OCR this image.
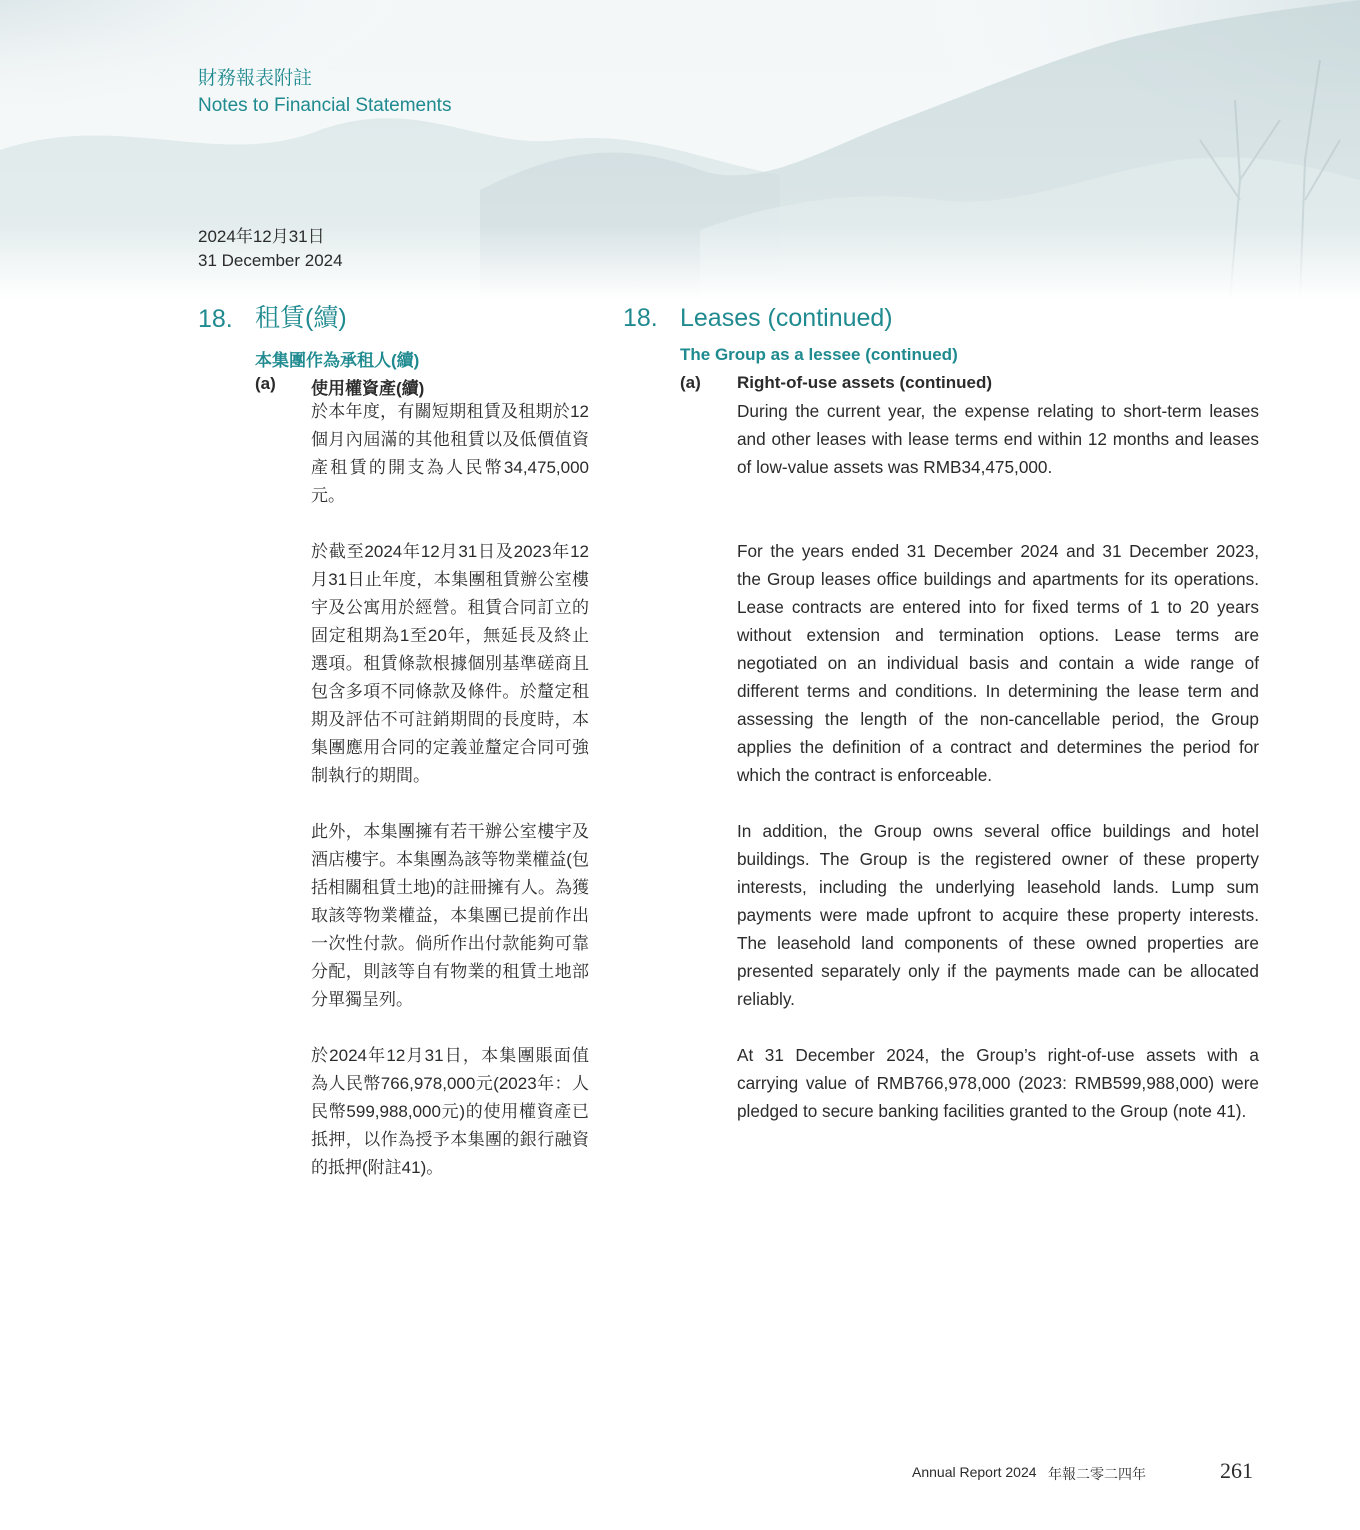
財務報表附註
Notes to Financial Statements
2024年12月31日
31 December 2024
18. 租賃(續)
本集團作為承租人(續)
(a) 使用權資產(續)

於本年度，有關短期租賃及租期於12個月內屆滿的其他租賃以及低價值資產租賃的開支為人民幣34,475,000元。

於截至2024年12月31日及2023年12月31日止年度，本集團租賃辦公室樓宇及公寓用於經營。租賃合同訂立的固定租期為1至20年，無延長及終止選項。租賃條款根據個別基準磋商且包含多項不同條款及條件。於釐定租期及評估不可註銷期間的長度時，本集團應用合同的定義並釐定合同可強制執行的期間。

此外，本集團擁有若干辦公室樓宇及酒店樓宇。本集團為該等物業權益(包括相關租賃土地)的註冊擁有人。為獲取該等物業權益，本集團已提前作出一次性付款。倘所作出付款能夠可靠分配，則該等自有物業的租賃土地部分單獨呈列。

於2024年12月31日，本集團賬面值為人民幣766,978,000元(2023年：人民幣599,988,000元)的使用權資產已抵押，以作為授予本集團的銀行融資的抵押(附註41)。

18. Leases (continued)
The Group as a lessee (continued)
(a) Right-of-use assets (continued)

During the current year, the expense relating to short-term leases and other leases with lease terms end within 12 months and leases of low-value assets was RMB34,475,000.

For the years ended 31 December 2024 and 31 December 2023, the Group leases office buildings and apartments for its operations. Lease contracts are entered into for fixed terms of 1 to 20 years without extension and termination options. Lease terms are negotiated on an individual basis and contain a wide range of different terms and conditions. In determining the lease term and assessing the length of the non-cancellable period, the Group applies the definition of a contract and determines the period for which the contract is enforceable.

In addition, the Group owns several office buildings and hotel buildings. The Group is the registered owner of these property interests, including the underlying leasehold lands. Lump sum payments were made upfront to acquire these property interests. The leasehold land components of these owned properties are presented separately only if the payments made can be allocated reliably.

At 31 December 2024, the Group’s right-of-use assets with a carrying value of RMB766,978,000 (2023: RMB599,988,000) were pledged to secure banking facilities granted to the Group (note 41).

Annual Report 2024 年報二零二四年	261
